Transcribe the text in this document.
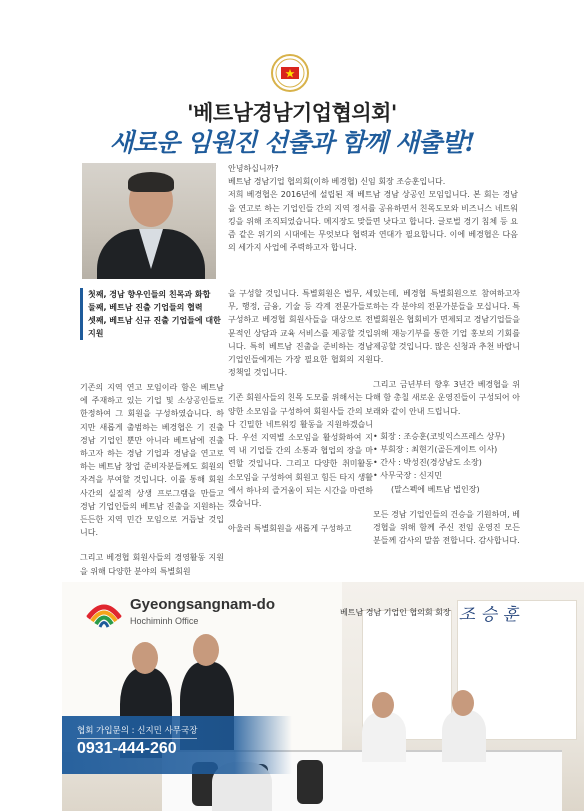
'베트남경남기업협의회'
새로운 임원진 선출과 함께 새출발!
첫째, 경남 향우인들의 친목과 화합
둘째, 베트남 진출 기업들의 협력
셋째, 베트남 신규 진출 기업들에 대한 지원
안녕하십니까?
베트남 경남기업 협의회(이하 베경협) 신임 회장 조승훈입니다.
저희 베경협은 2016년에 설립된 재 베트남 경남 상공인 모임입니다. 본 회는 경남을 연고로 하는 기업인들 간의 지역 정서를 공유하면서 친목도모와 비즈니스 네트워킹을 위해 조직되었습니다. 메지장도 맞들면 낫다고 합니다. 글로벌 경기 침체 등 요즘 같은 위기의 시대에는 무엇보다 협력과 연대가 필요합니다. 이에 베경협은 다음의 세가지 사업에 주력하고자 합니다.

기존의 지역 연고 모임이라 함은 베트남에 주재하고 있는 기업 및 소상공인들로 한정하여 그 회원을 구성하였습니다. 하지만 새롭게 출범하는 베경협은 기 진출 경남 기업인 뿐만 아니라 베트남에 진출하고자 하는 경남 기업과 경남을 연고로 하는 베트남 창업 준비자분들께도 회원의 자격을 부여할 것입니다. 이를 통해 회원사간의 실질적 상생 프로그램을 만들고 경남 기업인들의 베트남 진출을 지원하는 든든한 지역 민간 모임으로 거듭날 것입니다.

그리고 베경협 회원사들의 경영활동 지원을 위해 다양한 분야의 특별회원

을 구성할 것입니다. 특별회원은 법무, 세무, 행정, 금융, 기술 등 각계 전문가들로 구성하고 베경협 회원사들을 대상으로 전문적인 상담과 교육 서비스를 제공할 것입니다. 특히 베트남 진출을 준비하는 경남 기업인들에게는 가장 필요한 협회의 지원 정책일 것입니다.

기존 회원사들의 친목 도모를 위해서는 다양한 소모임을 구성하여 회원사들 간의 보다 긴밀한 네트워킹 활동을 지원하겠습니다. 우선 지역별 소모임을 활성화하여 지역 내 기업들 간의 소통과 협업의 장을 마련할 것입니다. 그리고 다양한 취미활동 소모임을 구성하여 회원고 힘든 타지 생활에서 하나의 즐거움이 되는 시간을 마련하겠습니다.

아울러 특별회원을 새롭게 구성하고

있는데, 베경협 특별회원으로 참여하고자 하는 각 분야의 전문가분들을 모십니다. 특별회원은 협회비가 면제되고 경남기업들을 위해 재능기부를 통한 기업 홍보의 기회를 제공할 것입니다. 많은 신청과 추천 바랍니다.

그리고 금년부터 향후 3년간 베경협을 위해 함 총칠 새로운 운영진들이 구성되어 아래와 같이 안내 드립니다.

• 회장 : 조승훈(코빗익스프레스 상무)
• 부회장 : 최현기(골든게이트 이사)
• 간사 : 박성진(경상남도 소장)
• 사무국장 : 신지민
(말스펙에 베트남 법인장)

모든 경남 기업인들의 건승을 기원하며, 베경협을 위해 함께 주신 전임 운영진 모든 분들께 감사의 말씀 전합니다. 감사합니다.

Gyeongsangnam-do
Hochiminh Office
베트남 경남 기업인 협의회 회장 조 승 훈
협회 가입문의 : 신지민 사무국장
0931-444-260
